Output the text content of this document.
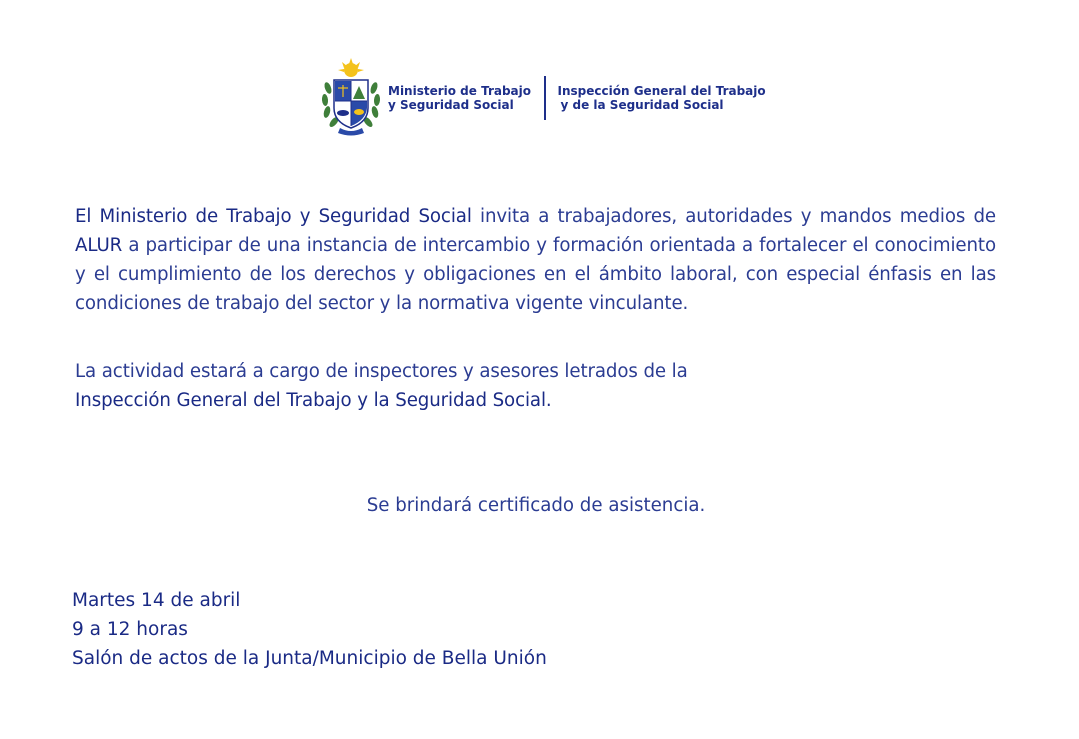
Ministerio de Trabajo
y Seguridad Social
Inspección General del Trabajo
y de la Seguridad Social
El Ministerio de Trabajo y Seguridad Social invita a trabajadores, autoridades y mandos medios de ALUR a participar de una instancia de intercambio y formación orientada a fortalecer el conocimiento y el cumplimiento de los derechos y obligaciones en el ámbito laboral, con especial énfasis en las condiciones de trabajo del sector y la normativa vigente vinculante.
La actividad estará a cargo de inspectores y asesores letrados de la
Inspección General del Trabajo y la Seguridad Social.
Se brindará certificado de asistencia.
Martes 14 de abril
9 a 12 horas
Salón de actos de la Junta/Municipio de Bella Unión
